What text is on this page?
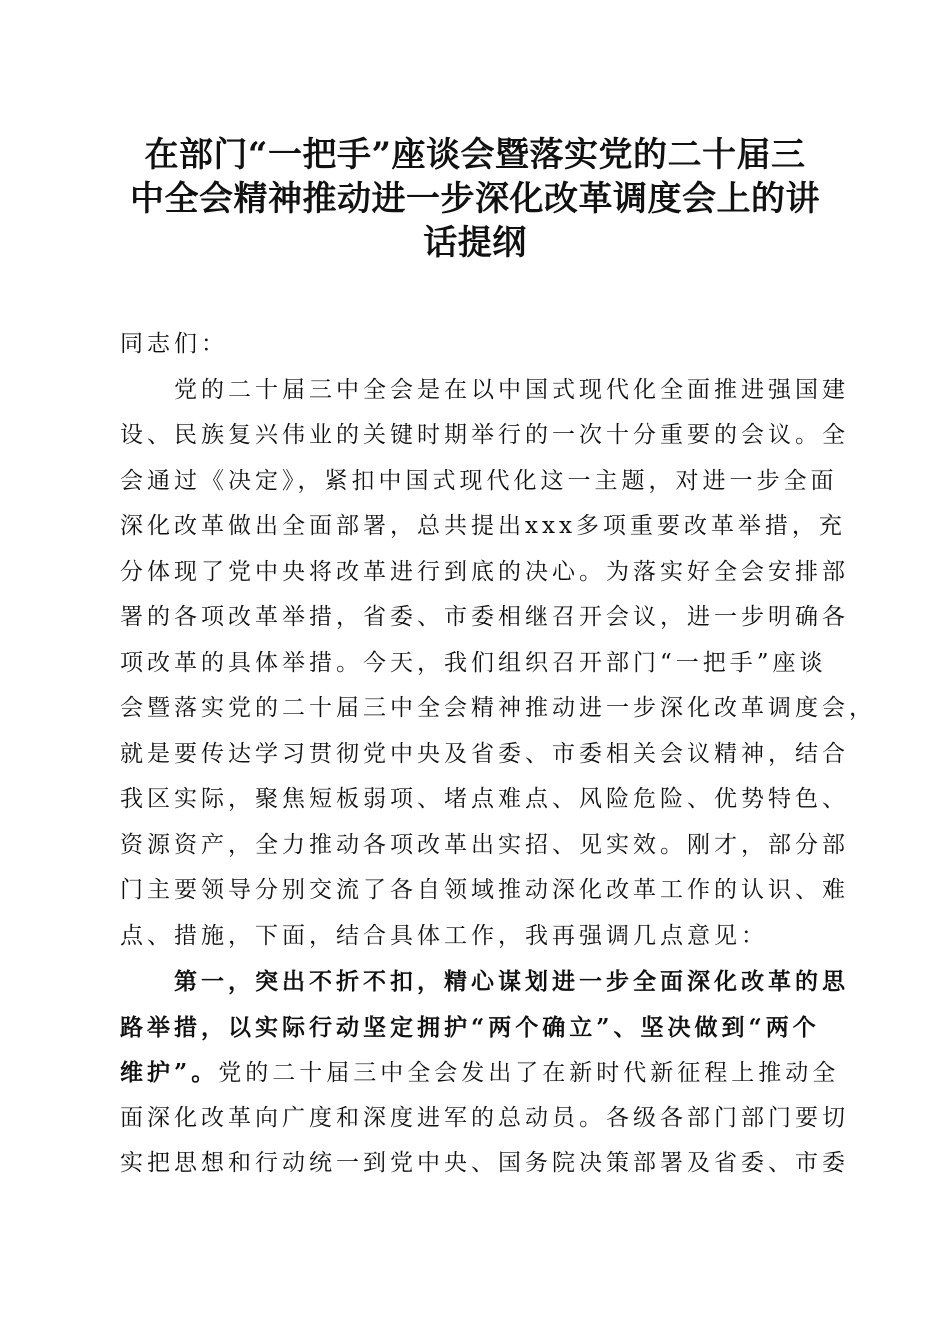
在部门“一把手”座谈会暨落实党的二十届三
中全会精神推动进一步深化改革调度会上的讲
话提纲
同志们：
　　党的二十届三中全会是在以中国式现代化全面推进强国建
设、民族复兴伟业的关键时期举行的一次十分重要的会议。全
会通过《决定》，紧扣中国式现代化这一主题，对进一步全面
深化改革做出全面部署，总共提出xxx多项重要改革举措，充
分体现了党中央将改革进行到底的决心。为落实好全会安排部
署的各项改革举措，省委、市委相继召开会议，进一步明确各
项改革的具体举措。今天，我们组织召开部门“一把手”座谈
会暨落实党的二十届三中全会精神推动进一步深化改革调度会，
就是要传达学习贯彻党中央及省委、市委相关会议精神，结合
我区实际，聚焦短板弱项、堵点难点、风险危险、优势特色、
资源资产，全力推动各项改革出实招、见实效。刚才，部分部
门主要领导分别交流了各自领域推动深化改革工作的认识、难
点、措施，下面，结合具体工作，我再强调几点意见：
　　第一，突出不折不扣，精心谋划进一步全面深化改革的思
路举措，以实际行动坚定拥护“两个确立”、坚决做到“两个
维护”。党的二十届三中全会发出了在新时代新征程上推动全
面深化改革向广度和深度进军的总动员。各级各部门部门要切
实把思想和行动统一到党中央、国务院决策部署及省委、市委
